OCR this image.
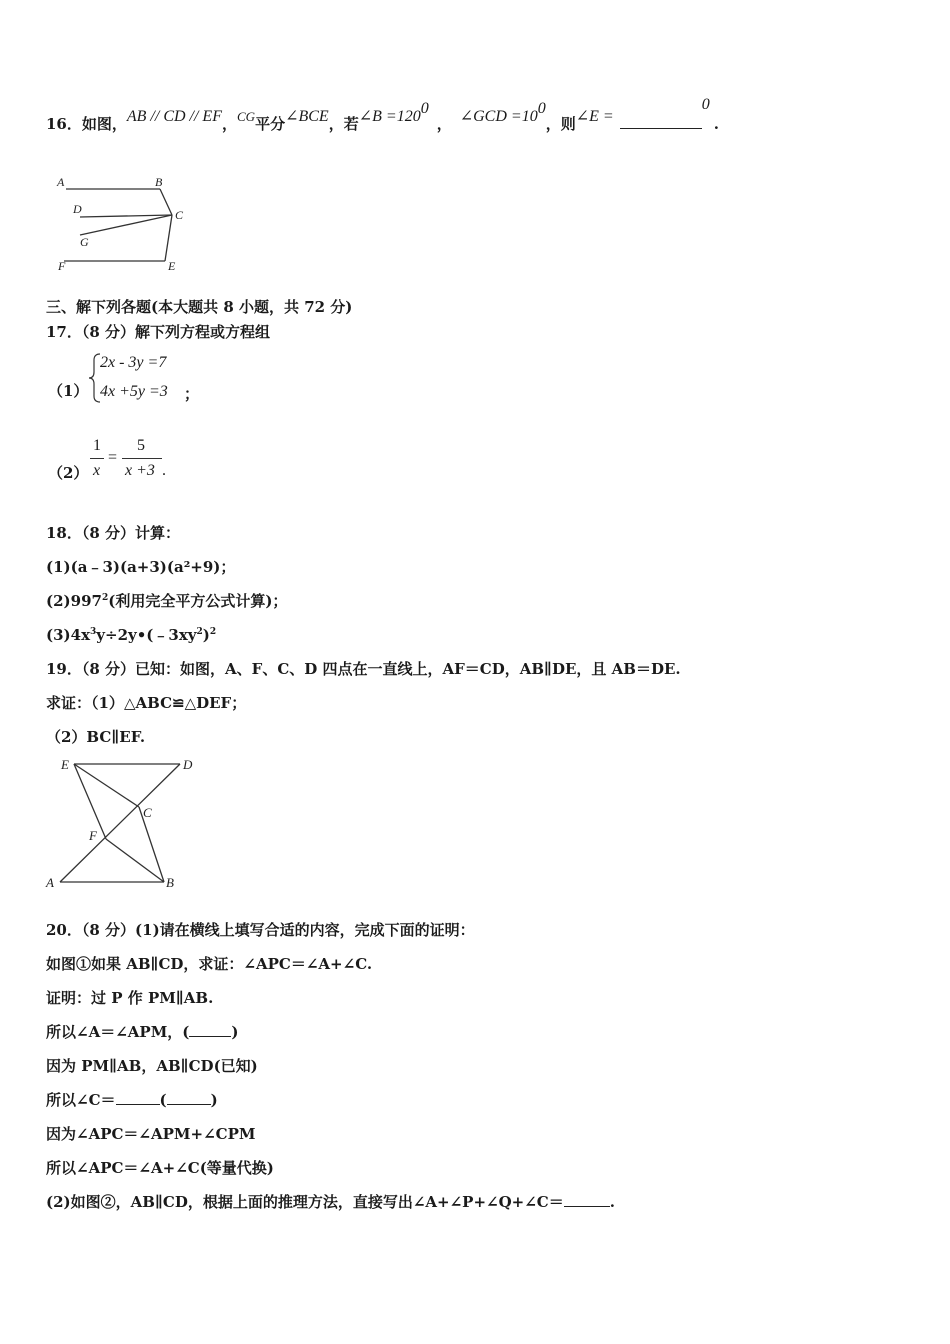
16．如图，AB // CD // EF，CG平分∠BCE，若∠B $=120^0$， ∠GCD $=10^0$，则∠E =$^0$.
A	B
D	C
G
F	E
三、解下列各题(本大题共 8 小题，共 72 分)
17．（8 分）解下列方程或方程组
（1）
2x - 3y =7
4x +5y =3 ；
（2）
1
x
=
5
x +3 .
18．（8 分）计算：
(1)(a﹣3)(a+3)(a²+9)；
$(2)997^2$(利用完全平方公式计算)；
$(3)4x^3y\div 2y•(﹣3xy^2)^2$
19．（8 分）已知：如图，A、F、C、D 四点在一直线上，AF＝CD，AB∥DE，且 AB＝DE.
求证：（1）△ABC≌△DEF；
（2）BC∥EF.
E	D
C
F
A	B
20．（8 分）(1)请在横线上填写合适的内容，完成下面的证明：
如图①如果 AB∥CD，求证：∠APC＝∠A+∠C.
证明：过 P 作 PM∥AB.
所以∠A＝∠APM，(	)
因为 PM∥AB，AB∥CD(已知)
所以∠C＝	(	)
因为∠APC＝∠APM+∠CPM
所以∠APC＝∠A+∠C(等量代换)
(2)如图②，AB∥CD，根据上面的推理方法，直接写出∠A+∠P+∠Q+∠C＝	.
